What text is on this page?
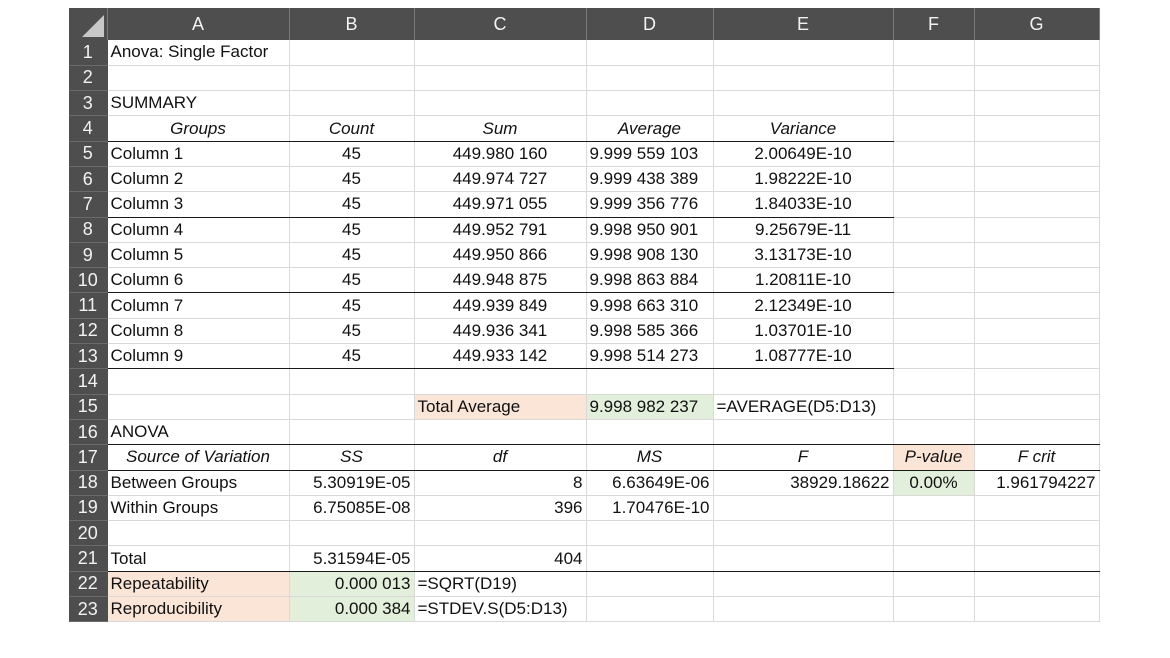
	A	B	C	D	E	F	G
1	Anova: Single Factor						
2							
3	SUMMARY						
4	Groups	Count	Sum	Average	Variance		
5	Column 1	45	449.980 160	9.999 559 103	2.00649E-10		
6	Column 2	45	449.974 727	9.999 438 389	1.98222E-10		
7	Column 3	45	449.971 055	9.999 356 776	1.84033E-10		
8	Column 4	45	449.952 791	9.998 950 901	9.25679E-11		
9	Column 5	45	449.950 866	9.998 908 130	3.13173E-10		
10	Column 6	45	449.948 875	9.998 863 884	1.20811E-10		
11	Column 7	45	449.939 849	9.998 663 310	2.12349E-10		
12	Column 8	45	449.936 341	9.998 585 366	1.03701E-10		
13	Column 9	45	449.933 142	9.998 514 273	1.08777E-10		
14							
15			Total Average	9.998 982 237	=AVERAGE(D5:D13)		
16	ANOVA						
17	Source of Variation	SS	df	MS	F	P-value	F crit
18	Between Groups	5.30919E-05	8	6.63649E-06	38929.18622	0.00%	1.961794227
19	Within Groups	6.75085E-08	396	1.70476E-10			
20							
21	Total	5.31594E-05	404				
22	Repeatability	0.000 013	=SQRT(D19)				
23	Reproducibility	0.000 384	=STDEV.S(D5:D13)				
